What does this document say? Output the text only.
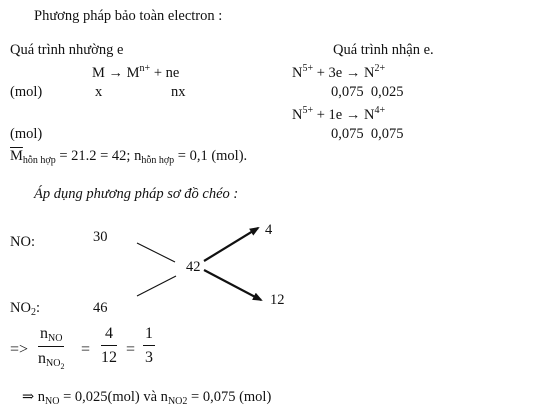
Phương pháp bảo toàn electron :
Quá trình nhường e
$M \to M^{n+}$ + ne
(mol)	x	nx
Quá trình nhận e.
$N^{5+} + 3e \to N^{2+}$
0,075  0,025
$N^{5+} + 1e \to N^{4+}$
(mol)	0,075  0,075
$\overline{M}_{hỗn hợp} = 21.2 = 42$; $n_{hỗn hợp} = 0,1$ (mol).
Áp dụng phương pháp sơ đồ chéo :
NO:	30
$NO_2$:	46
42
4
12
=>
$n_{NO}$
$n_{NO2}$
=
4
12 =
1
3
⇒ $n_{NO} = 0,025(mol)$ và $n_{NO2} = 0,075$ (mol)
